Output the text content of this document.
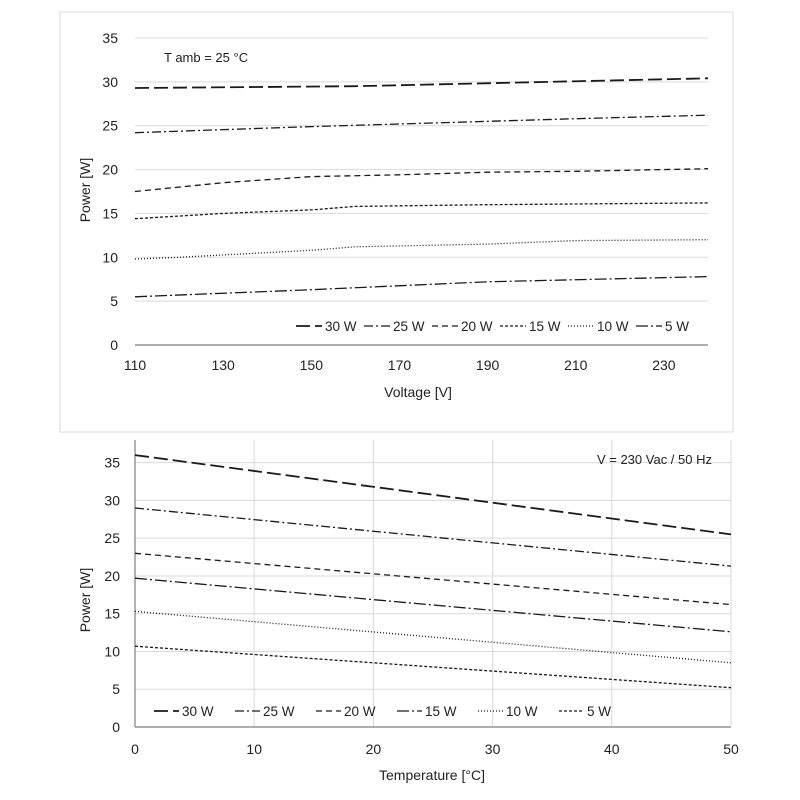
0
5
10
15
20
25
30
35
110	130	150	170	190	210	230
T amb = 25 °C
Voltage [V]
Power [W]
30 W	25 W	20 W	15 W	10 W	5 W
0
5
10
15
20
25
30
35
0	10	20	30	40	50
V = 230 Vac / 50 Hz
Temperature [°C]
Power [W]
30 W	25 W	20 W	15 W	10 W	5 W
